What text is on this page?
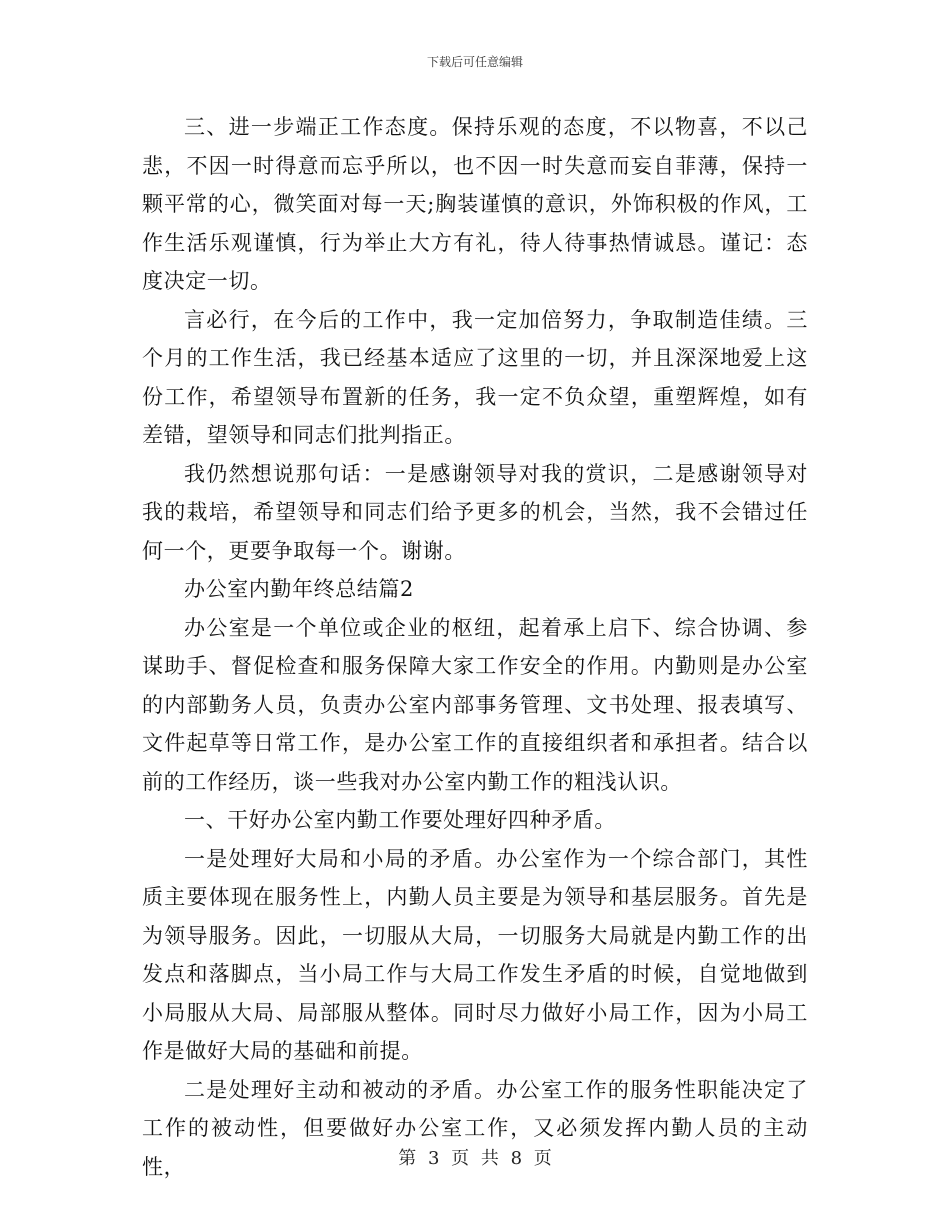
下载后可任意编辑

三、进一步端正工作态度。保持乐观的态度，不以物喜，不以己悲，不因一时得意而忘乎所以，也不因一时失意而妄自菲薄，保持一颗平常的心，微笑面对每一天;胸装谨慎的意识，外饰积极的作风，工作生活乐观谨慎，行为举止大方有礼，待人待事热情诚恳。谨记：态度决定一切。

言必行，在今后的工作中，我一定加倍努力，争取制造佳绩。三个月的工作生活，我已经基本适应了这里的一切，并且深深地爱上这份工作，希望领导布置新的任务，我一定不负众望，重塑辉煌，如有差错，望领导和同志们批判指正。

我仍然想说那句话：一是感谢领导对我的赏识，二是感谢领导对我的栽培，希望领导和同志们给予更多的机会，当然，我不会错过任何一个，更要争取每一个。谢谢。

办公室内勤年终总结篇2

办公室是一个单位或企业的枢纽，起着承上启下、综合协调、参谋助手、督促检查和服务保障大家工作安全的作用。内勤则是办公室的内部勤务人员，负责办公室内部事务管理、文书处理、报表填写、文件起草等日常工作，是办公室工作的直接组织者和承担者。结合以前的工作经历，谈一些我对办公室内勤工作的粗浅认识。

一、干好办公室内勤工作要处理好四种矛盾。

一是处理好大局和小局的矛盾。办公室作为一个综合部门，其性质主要体现在服务性上，内勤人员主要是为领导和基层服务。首先是为领导服务。因此，一切服从大局，一切服务大局就是内勤工作的出发点和落脚点，当小局工作与大局工作发生矛盾的时候，自觉地做到小局服从大局、局部服从整体。同时尽力做好小局工作，因为小局工作是做好大局的基础和前提。

二是处理好主动和被动的矛盾。办公室工作的服务性职能决定了工作的被动性，但要做好办公室工作，又必须发挥内勤人员的主动性，	第 3 页 共 8 页
